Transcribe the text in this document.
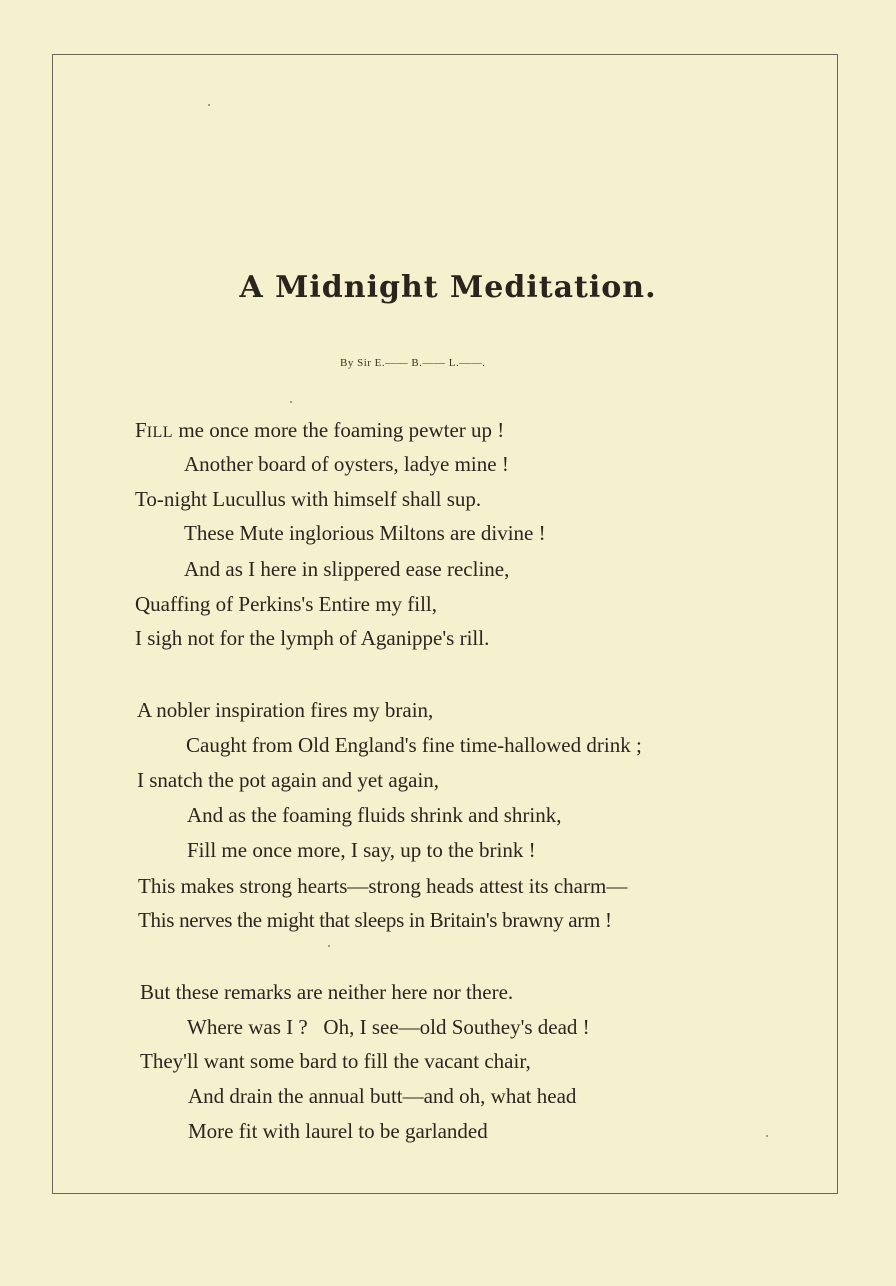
A Midnight Meditation.
By Sir E.—— B.—— L.——.
FILL me once more the foaming pewter up !
Another board of oysters, ladye mine !
To-night Lucullus with himself shall sup.
These Mute inglorious Miltons are divine !
And as I here in slippered ease recline,
Quaffing of Perkins's Entire my fill,
I sigh not for the lymph of Aganippe's rill.
A nobler inspiration fires my brain,
Caught from Old England's fine time-hallowed drink ;
I snatch the pot again and yet again,
And as the foaming fluids shrink and shrink,
Fill me once more, I say, up to the brink !
This makes strong hearts—strong heads attest its charm—
This nerves the might that sleeps in Britain's brawny arm !
But these remarks are neither here nor there.
Where was I ?   Oh, I see—old Southey's dead !
They'll want some bard to fill the vacant chair,
And drain the annual butt—and oh, what head
More fit with laurel to be garlanded
